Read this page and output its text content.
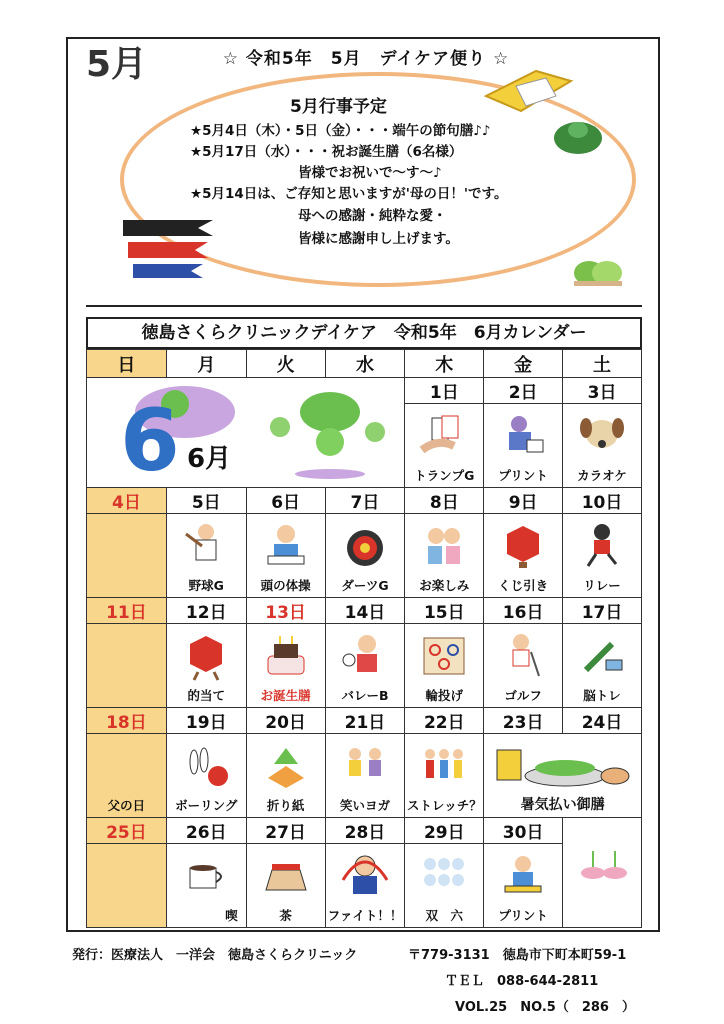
☆ 令和5年　5月　デイケア便り ☆
5月
5月行事予定
★5月4日（木）・5日（金）・・・端午の節句膳♪♪
★5月17日（水）・・・祝お誕生膳（6名様）
皆様でお祝いで～す～♪
★5月14日は、ご存知と思いますが'母の日！'です。
母への感謝・純粋な愛・
皆様に感謝申し上げます。
徳島さくらクリニックデイケア　令和5年　6月カレンダー
日	月	火	水	木	金	土

6 6月				1日	2日	3日

				トランプG	プリント	カラオケ

4日	5日	6日	7日	8日	9日	10日

	野球G	頭の体操	ダーツG	お楽しみ	くじ引き	リレー

11日	12日	13日	14日	15日	16日	17日

	的当て	お誕生膳	バレーB	輪投げ	ゴルフ	脳トレ

18日	19日	20日	21日	22日	23日	24日

父の日	ボーリング	折り紙	笑いヨガ	ストレッチ？	暑気払い御膳	

25日	26日	27日	28日	29日	30日	

	喫	茶	ファイト！！	双　六	プリント	
発行：医療法人　一洋会　徳島さくらクリニック	〒779-3131　徳島市下町本町59-1
ＴＥＬ　088-644-2811
VOL.25　NO.5（　286　）
